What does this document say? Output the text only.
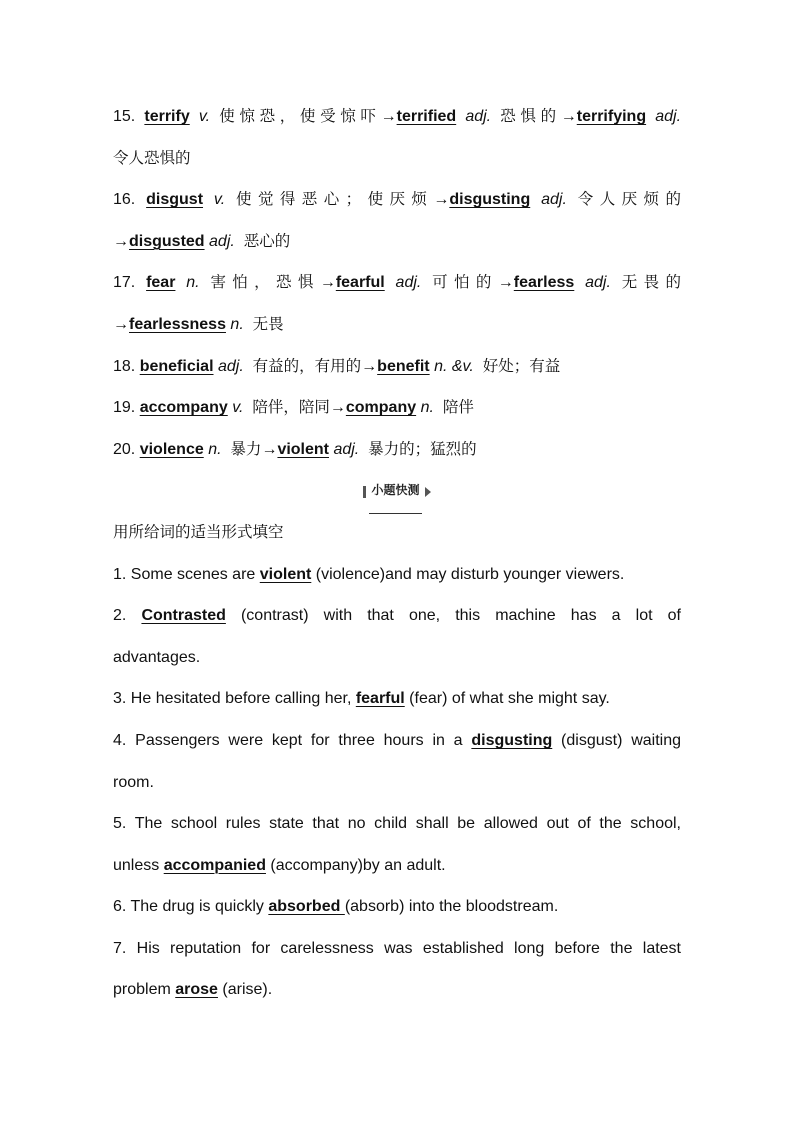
15. terrify v. 使惊恐，使受惊吓→terrified adj. 恐惧的→terrifying adj.
令人恐惧的
16. disgust v. 使觉得恶心；使厌烦→disgusting adj. 令人厌烦的
→disgusted adj. 恶心的
17. fear n. 害怕，恐惧→fearful adj. 可怕的→fearless adj. 无畏的
→fearlessness n. 无畏
18. beneficial adj. 有益的，有用的→benefit n. &v. 好处；有益
19. accompany v. 陪伴，陪同→company n. 陪伴
20. violence n. 暴力→violent adj. 暴力的；猛烈的
小题快测
用所给词的适当形式填空
1. Some scenes are violent (violence)and may disturb younger viewers.
2. Contrasted (contrast) with that one, this machine has a lot of
advantages.
3. He hesitated before calling her, fearful (fear) of what she might say.
4. Passengers were kept for three hours in a disgusting (disgust) waiting
room.
5. The school rules state that no child shall be allowed out of the school,
unless accompanied (accompany)by an adult.
6. The drug is quickly absorbed (absorb) into the bloodstream.
7. His reputation for carelessness was established long before the latest
problem arose (arise).
